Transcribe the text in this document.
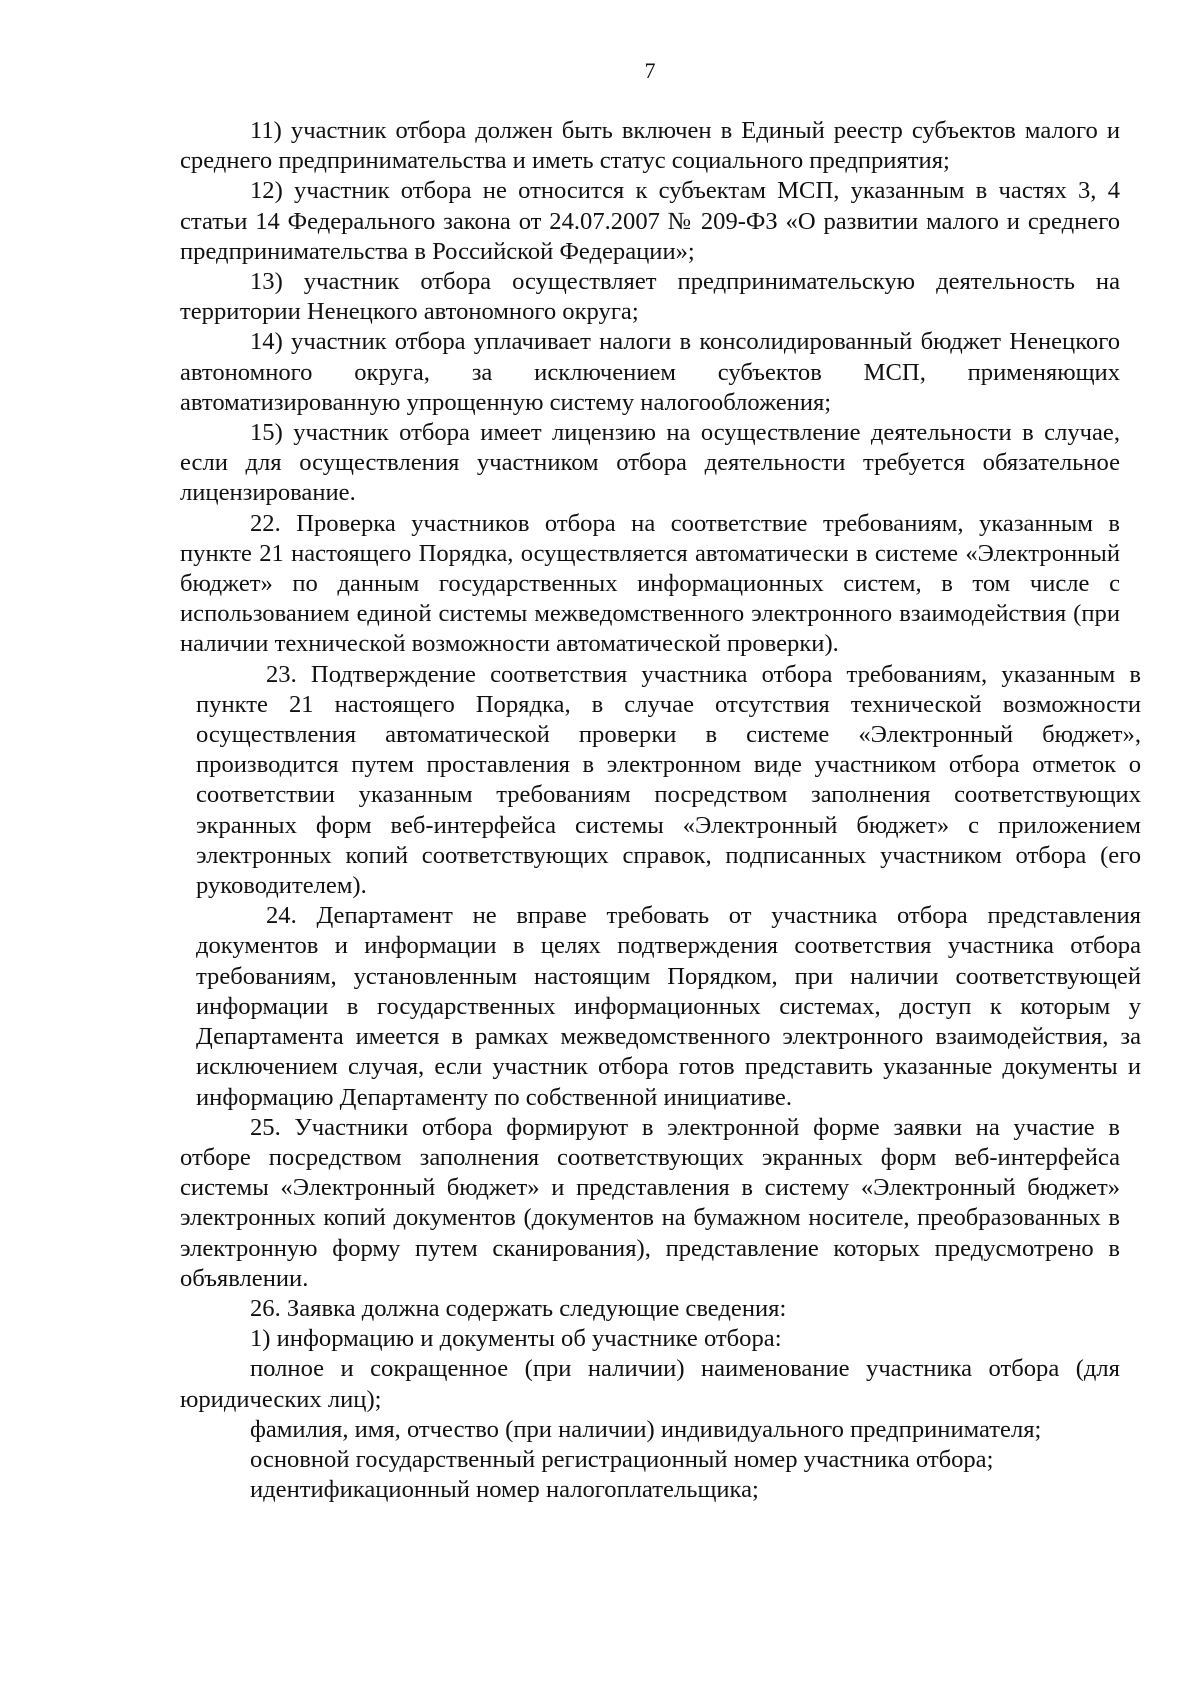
7

11) участник отбора должен быть включен в Единый реестр субъектов малого и среднего предпринимательства и иметь статус социального предприятия;

12) участник отбора не относится к субъектам МСП, указанным в частях 3, 4 статьи 14 Федерального закона от 24.07.2007 № 209-ФЗ «О развитии малого и среднего предпринимательства в Российской Федерации»;

13) участник отбора осуществляет предпринимательскую деятельность на территории Ненецкого автономного округа;

14) участник отбора уплачивает налоги в консолидированный бюджет Ненецкого автономного округа, за исключением субъектов МСП, применяющих автоматизированную упрощенную систему налогообложения;

15) участник отбора имеет лицензию на осуществление деятельности в случае, если для осуществления участником отбора деятельности требуется обязательное лицензирование.

22. Проверка участников отбора на соответствие требованиям, указанным в пункте 21 настоящего Порядка, осуществляется автоматически в системе «Электронный бюджет» по данным государственных информационных систем, в том числе с использованием единой системы межведомственного электронного взаимодействия (при наличии технической возможности автоматической проверки).

23. Подтверждение соответствия участника отбора требованиям, указанным в пункте 21 настоящего Порядка, в случае отсутствия технической возможности осуществления автоматической проверки в системе «Электронный бюджет», производится путем проставления в электронном виде участником отбора отметок о соответствии указанным требованиям посредством заполнения соответствующих экранных форм веб-интерфейса системы «Электронный бюджет» с приложением электронных копий соответствующих справок, подписанных участником отбора (его руководителем).

24. Департамент не вправе требовать от участника отбора представления документов и информации в целях подтверждения соответствия участника отбора требованиям, установленным настоящим Порядком, при наличии соответствующей информации в государственных информационных системах, доступ к которым у Департамента имеется в рамках межведомственного электронного взаимодействия, за исключением случая, если участник отбора готов представить указанные документы и информацию Департаменту по собственной инициативе.

25. Участники отбора формируют в электронной форме заявки на участие в отборе посредством заполнения соответствующих экранных форм веб-интерфейса системы «Электронный бюджет» и представления в систему «Электронный бюджет» электронных копий документов (документов на бумажном носителе, преобразованных в электронную форму путем сканирования), представление которых предусмотрено в объявлении.

26. Заявка должна содержать следующие сведения:

1) информацию и документы об участнике отбора:

полное и сокращенное (при наличии) наименование участника отбора (для юридических лиц);

фамилия, имя, отчество (при наличии) индивидуального предпринимателя;

основной государственный регистрационный номер участника отбора;

идентификационный номер налогоплательщика;
